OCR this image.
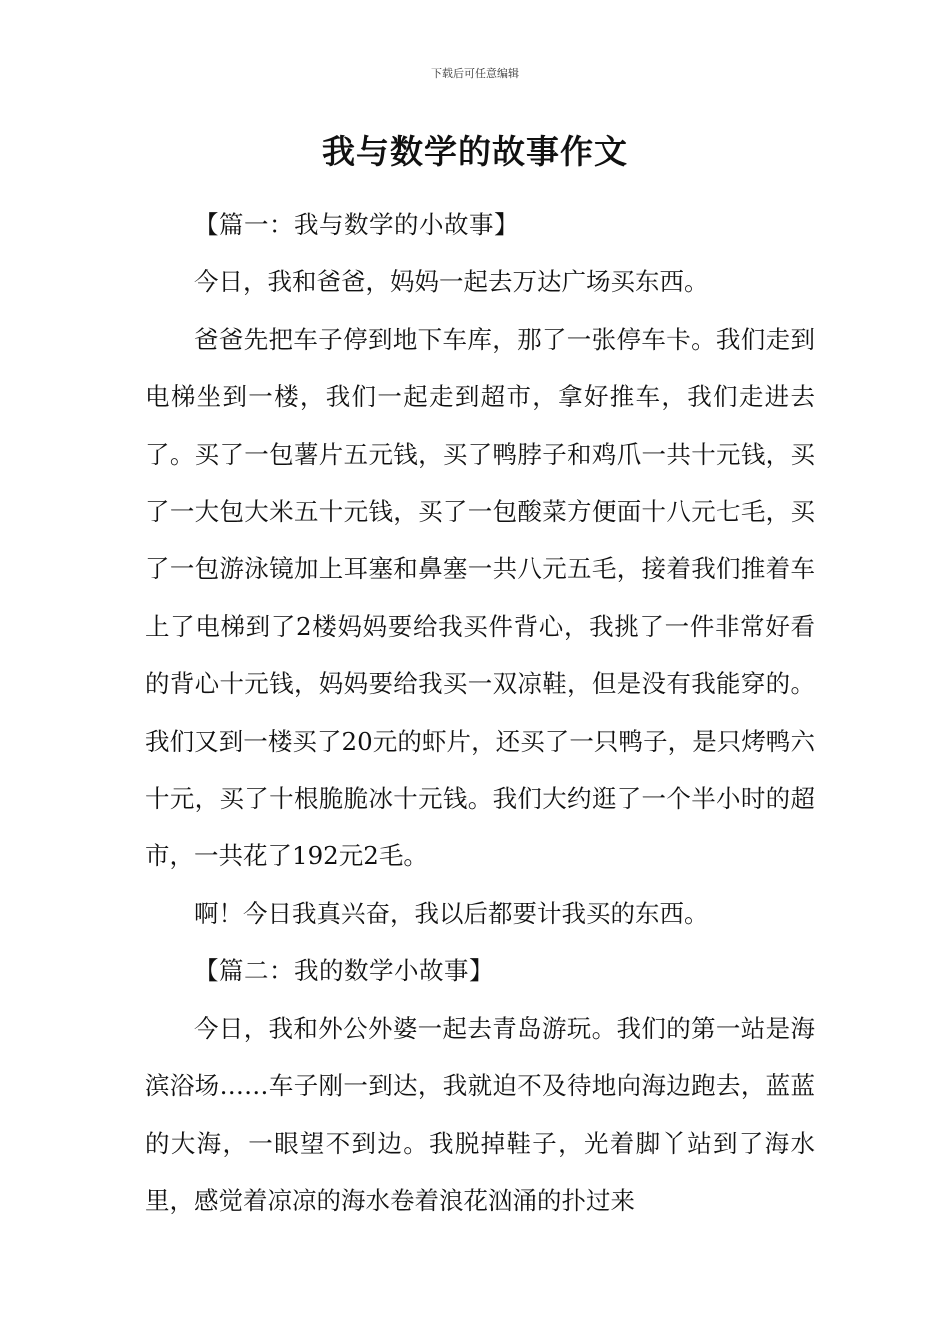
下载后可任意编辑
我与数学的故事作文

【篇一：我与数学的小故事】

今日，我和爸爸，妈妈一起去万达广场买东西。

爸爸先把车子停到地下车库，那了一张停车卡。我们走到电梯坐到一楼，我们一起走到超市，拿好推车，我们走进去了。买了一包薯片五元钱，买了鸭脖子和鸡爪一共十元钱，买了一大包大米五十元钱，买了一包酸菜方便面十八元七毛，买了一包游泳镜加上耳塞和鼻塞一共八元五毛，接着我们推着车上了电梯到了2楼妈妈要给我买件背心，我挑了一件非常好看的背心十元钱，妈妈要给我买一双凉鞋，但是没有我能穿的。我们又到一楼买了20元的虾片，还买了一只鸭子，是只烤鸭六十元，买了十根脆脆冰十元钱。我们大约逛了一个半小时的超市，一共花了192元2毛。

啊！今日我真兴奋，我以后都要计我买的东西。

【篇二：我的数学小故事】

今日，我和外公外婆一起去青岛游玩。我们的第一站是海滨浴场……车子刚一到达，我就迫不及待地向海边跑去，蓝蓝的大海，一眼望不到边。我脱掉鞋子，光着脚丫站到了海水里，感觉着凉凉的海水卷着浪花汹涌的扑过来
